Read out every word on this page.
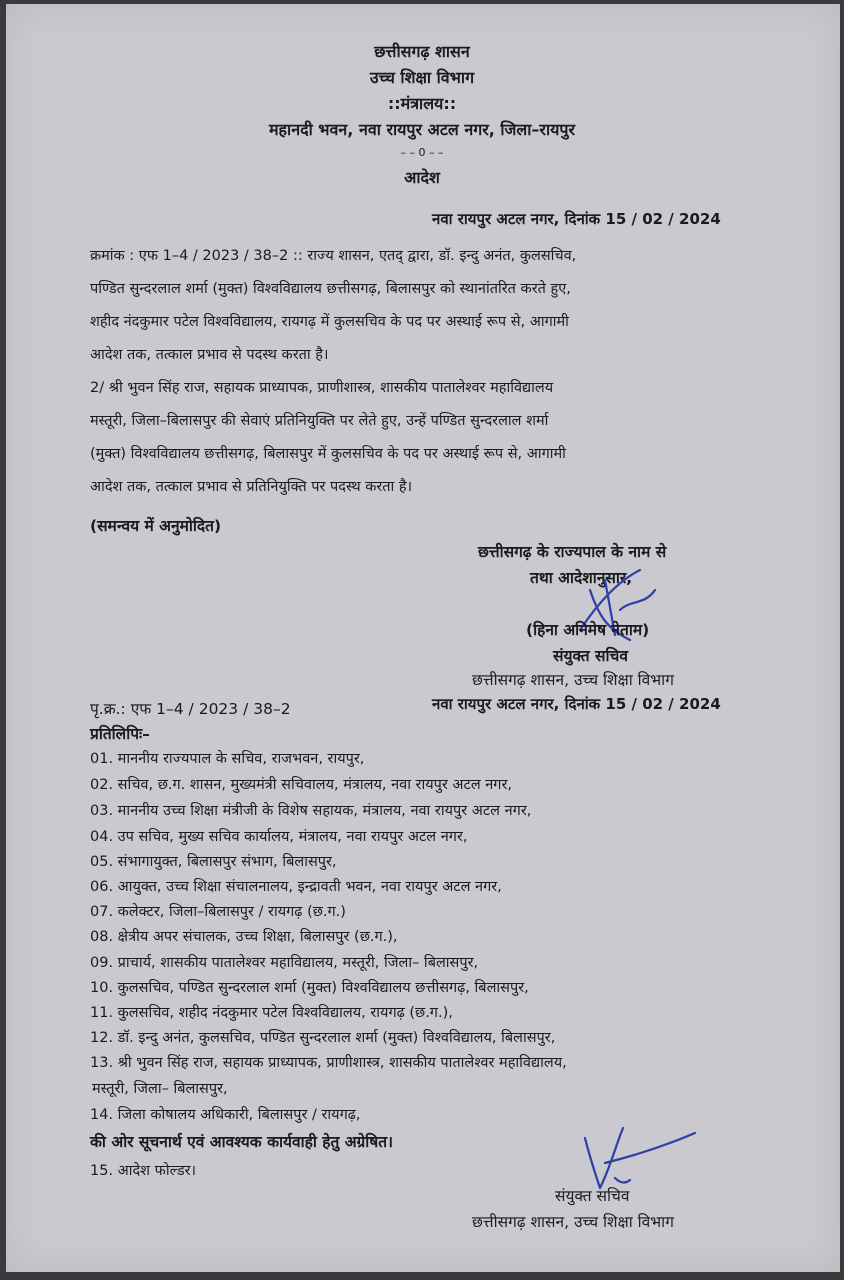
छत्तीसगढ़ शासन
उच्च शिक्षा विभाग
::मंत्रालय::
महानदी भवन, नवा रायपुर अटल नगर, जिला–रायपुर
– – 0 – –
आदेश
नवा रायपुर अटल नगर, दिनांक 15 / 02 / 2024
क्रमांक : एफ 1–4 / 2023 / 38–2 :: राज्य शासन, एतद् द्वारा, डॉ. इन्दु अनंत, कुलसचिव,
पण्डित सुन्दरलाल शर्मा (मुक्त) विश्वविद्यालय छत्तीसगढ़, बिलासपुर को स्थानांतरित करते हुए,
शहीद नंदकुमार पटेल विश्वविद्यालय, रायगढ़ में कुलसचिव के पद पर अस्थाई रूप से, आगामी
आदेश तक, तत्काल प्रभाव से पदस्थ करता है।
2/ श्री भुवन सिंह राज, सहायक प्राध्यापक, प्राणीशास्त्र, शासकीय पातालेश्वर महाविद्यालय
मस्तूरी, जिला–बिलासपुर की सेवाएं प्रतिनियुक्ति पर लेते हुए, उन्हें पण्डित सुन्दरलाल शर्मा
(मुक्त) विश्वविद्यालय छत्तीसगढ़, बिलासपुर में कुलसचिव के पद पर अस्थाई रूप से, आगामी
आदेश तक, तत्काल प्रभाव से प्रतिनियुक्ति पर पदस्थ करता है।
(समन्वय में अनुमोदित)
छत्तीसगढ़ के राज्यपाल के नाम से
तथा आदेशानुसार,
(हिना अनिमेष नेताम)
संयुक्त सचिव
छत्तीसगढ़ शासन, उच्च शिक्षा विभाग
पृ.क्र.: एफ 1–4 / 2023 / 38–2	नवा रायपुर अटल नगर, दिनांक 15 / 02 / 2024
प्रतिलिपिः–
01. माननीय राज्यपाल के सचिव, राजभवन, रायपुर,
02. सचिव, छ.ग. शासन, मुख्यमंत्री सचिवालय, मंत्रालय, नवा रायपुर अटल नगर,
03. माननीय उच्च शिक्षा मंत्रीजी के विशेष सहायक, मंत्रालय, नवा रायपुर अटल नगर,
04. उप सचिव, मुख्य सचिव कार्यालय, मंत्रालय, नवा रायपुर अटल नगर,
05. संभागायुक्त, बिलासपुर संभाग, बिलासपुर,
06. आयुक्त, उच्च शिक्षा संचालनालय, इन्द्रावती भवन, नवा रायपुर अटल नगर,
07. कलेक्टर, जिला–बिलासपुर / रायगढ़ (छ.ग.)
08. क्षेत्रीय अपर संचालक, उच्च शिक्षा, बिलासपुर (छ.ग.),
09. प्राचार्य, शासकीय पातालेश्वर महाविद्यालय, मस्तूरी, जिला– बिलासपुर,
10. कुलसचिव, पण्डित सुन्दरलाल शर्मा (मुक्त) विश्वविद्यालय छत्तीसगढ़, बिलासपुर,
11. कुलसचिव, शहीद नंदकुमार पटेल विश्वविद्यालय, रायगढ़ (छ.ग.),
12. डॉ. इन्दु अनंत, कुलसचिव, पण्डित सुन्दरलाल शर्मा (मुक्त) विश्वविद्यालय, बिलासपुर,
13. श्री भुवन सिंह राज, सहायक प्राध्यापक, प्राणीशास्त्र, शासकीय पातालेश्वर महाविद्यालय,
मस्तूरी, जिला– बिलासपुर,
14. जिला कोषालय अधिकारी, बिलासपुर / रायगढ़,
की ओर सूचनार्थ एवं आवश्यक कार्यवाही हेतु अग्रेषित।
15. आदेश फोल्डर।
संयुक्त सचिव
छत्तीसगढ़ शासन, उच्च शिक्षा विभाग
